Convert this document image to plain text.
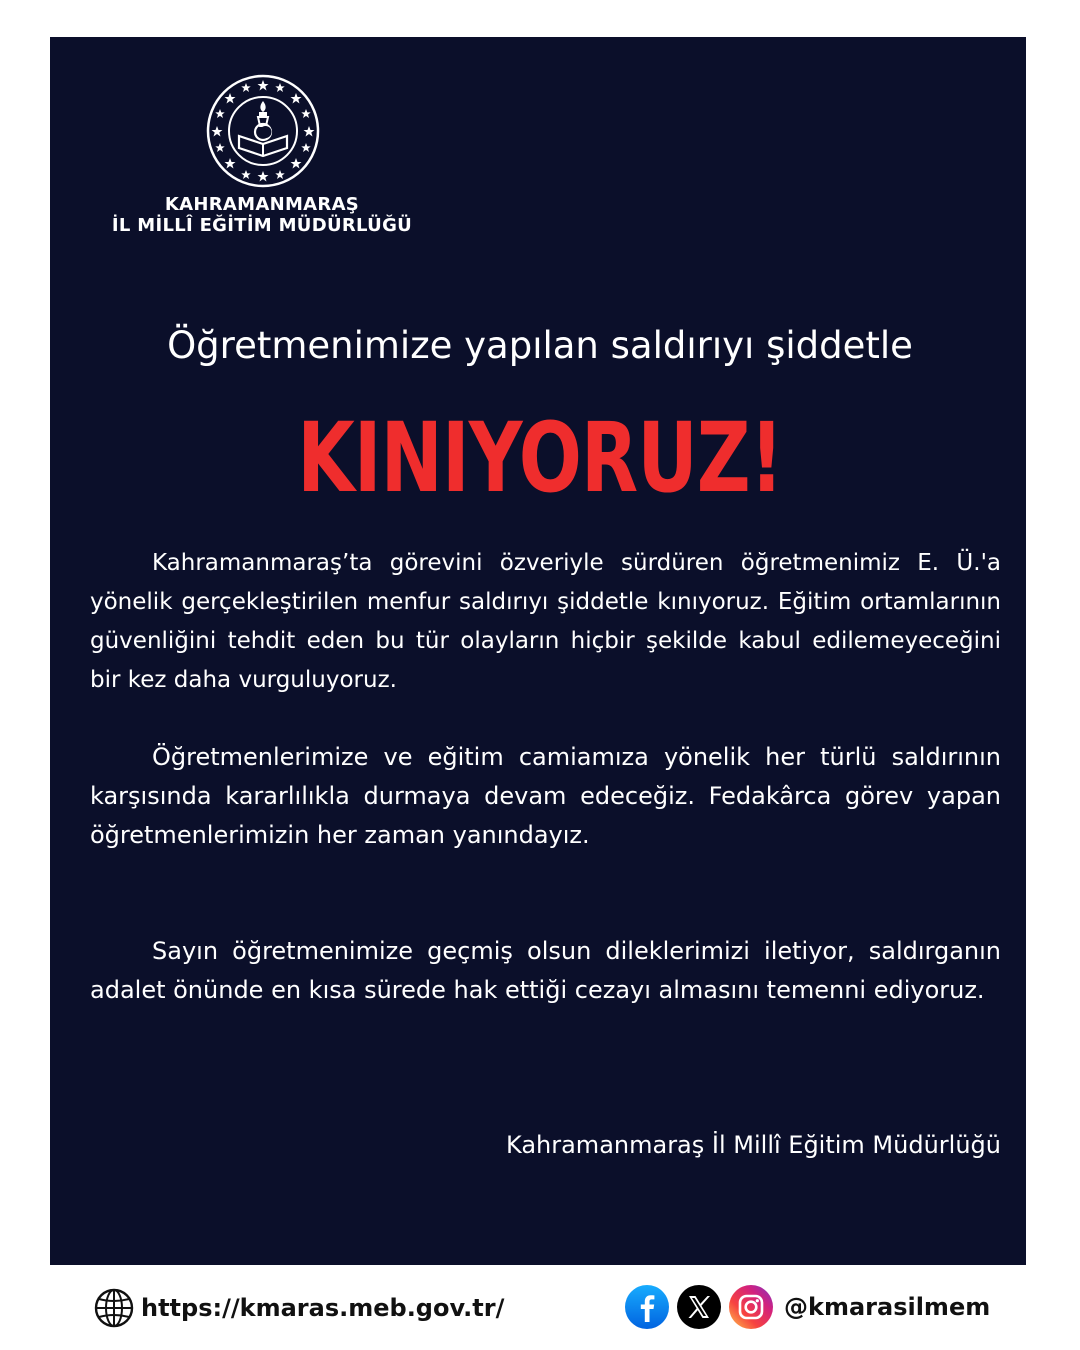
KAHRAMANMARAŞ
İL MİLLÎ EĞİTİM MÜDÜRLÜĞÜ
Öğretmenimize yapılan saldırıyı şiddetle
KINIYORUZ!

Kahramanmaraş’ta görevini özveriyle sürdüren öğretmenimiz E. Ü.'a yönelik gerçekleştirilen menfur saldırıyı şiddetle kınıyoruz. Eğitim ortamlarının güvenliğini tehdit eden bu tür olayların hiçbir şekilde kabul edilemeyeceğini bir kez daha vurguluyoruz.

Öğretmenlerimize ve eğitim camiamıza yönelik her türlü saldırının karşısında kararlılıkla durmaya devam edeceğiz. Fedakârca görev yapan öğretmenlerimizin her zaman yanındayız.

Sayın öğretmenimize geçmiş olsun dileklerimizi iletiyor, saldırganın adalet önünde en kısa sürede hak ettiği cezayı almasını temenni ediyoruz.

Kahramanmaraş İl Millî Eğitim Müdürlüğü
https://kmaras.meb.gov.tr/	@kmarasilmem
